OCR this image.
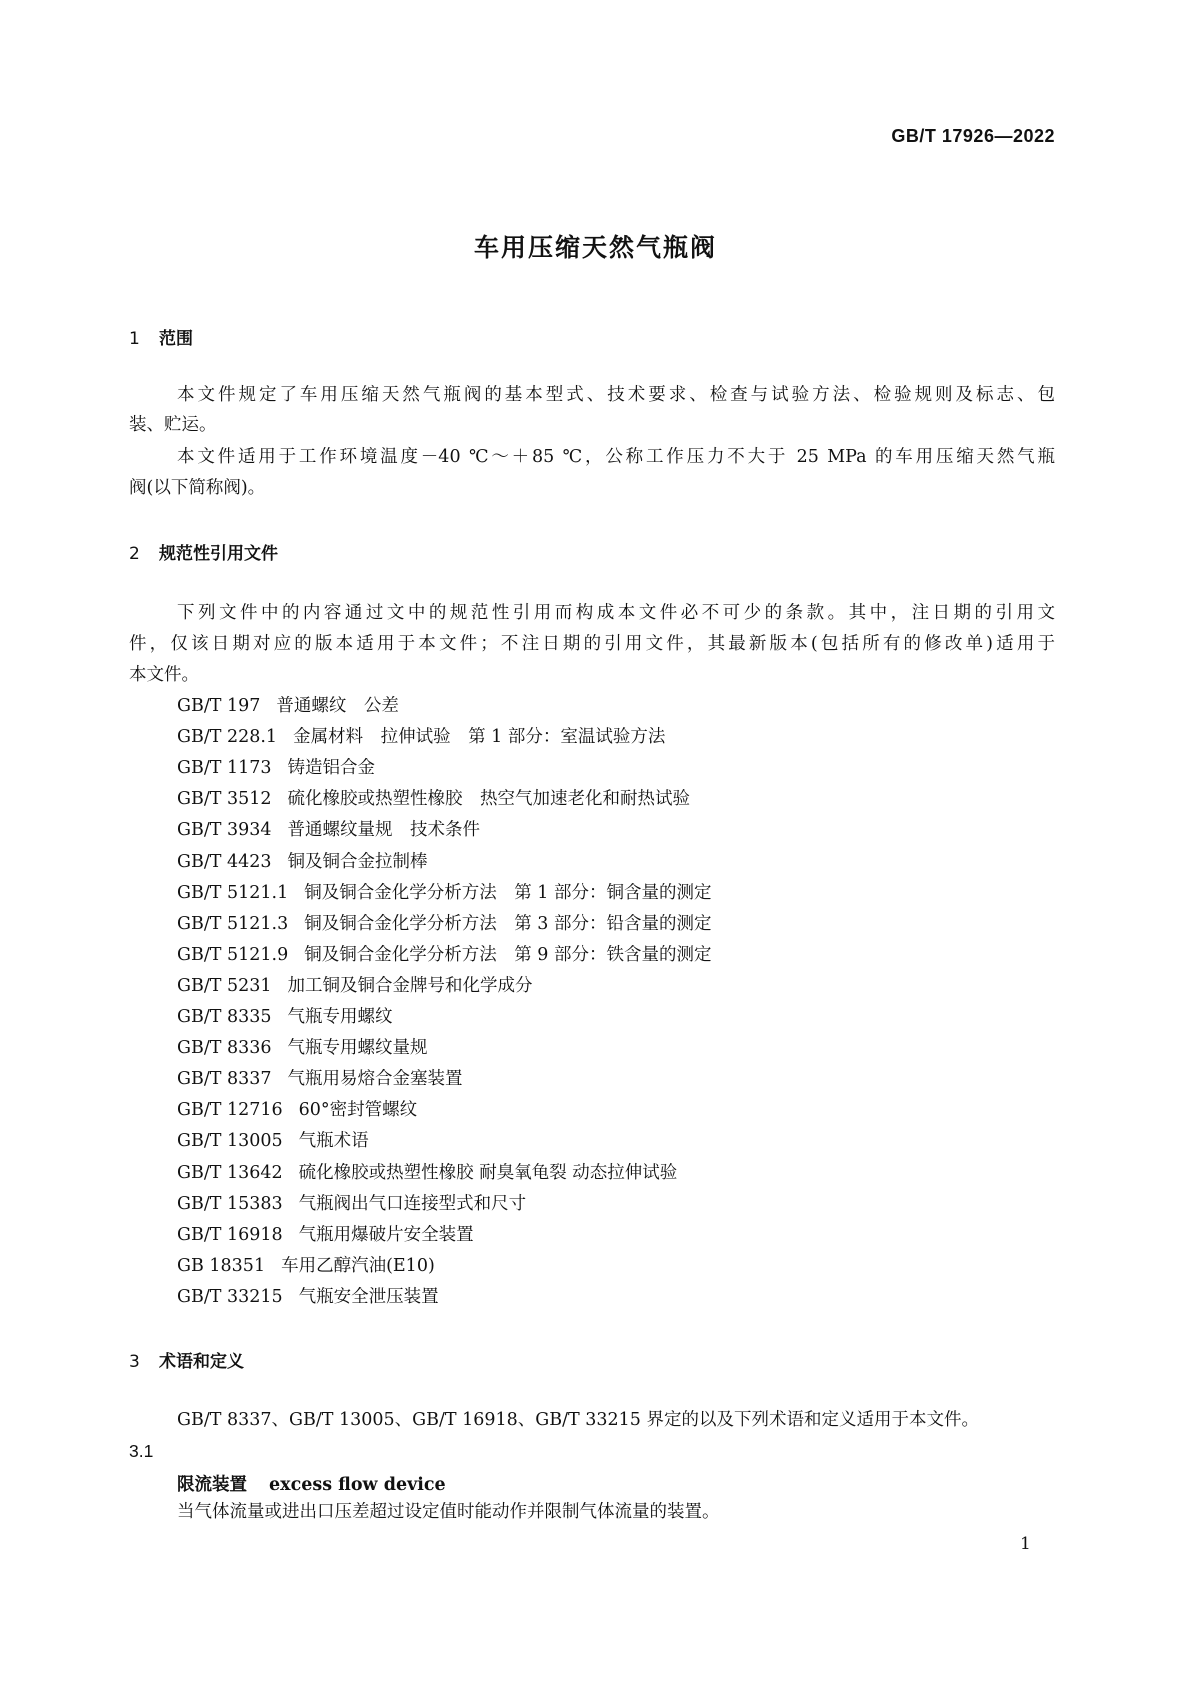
GB/T 17926—2022
车用压缩天然气瓶阀
1 范围
本文件规定了车用压缩天然气瓶阀的基本型式、技术要求、检查与试验方法、检验规则及标志、包
装、贮运。
本文件适用于工作环境温度－40 ℃～＋85 ℃，公称工作压力不大于 25 MPa 的车用压缩天然气瓶
阀(以下简称阀)。
2 规范性引用文件
下列文件中的内容通过文中的规范性引用而构成本文件必不可少的条款。其中，注日期的引用文
件，仅该日期对应的版本适用于本文件；不注日期的引用文件，其最新版本(包括所有的修改单)适用于
本文件。
GB/T 197 普通螺纹　公差
GB/T 228.1 金属材料　拉伸试验　第 1 部分：室温试验方法
GB/T 1173 铸造铝合金
GB/T 3512 硫化橡胶或热塑性橡胶　热空气加速老化和耐热试验
GB/T 3934 普通螺纹量规　技术条件
GB/T 4423 铜及铜合金拉制棒
GB/T 5121.1 铜及铜合金化学分析方法　第 1 部分：铜含量的测定
GB/T 5121.3 铜及铜合金化学分析方法　第 3 部分：铅含量的测定
GB/T 5121.9 铜及铜合金化学分析方法　第 9 部分：铁含量的测定
GB/T 5231 加工铜及铜合金牌号和化学成分
GB/T 8335 气瓶专用螺纹
GB/T 8336 气瓶专用螺纹量规
GB/T 8337 气瓶用易熔合金塞装置
GB/T 12716 60°密封管螺纹
GB/T 13005 气瓶术语
GB/T 13642 硫化橡胶或热塑性橡胶 耐臭氧龟裂 动态拉伸试验
GB/T 15383 气瓶阀出气口连接型式和尺寸
GB/T 16918 气瓶用爆破片安全装置
GB 18351 车用乙醇汽油(E10)
GB/T 33215 气瓶安全泄压装置
3 术语和定义
GB/T 8337、GB/T 13005、GB/T 16918、GB/T 33215 界定的以及下列术语和定义适用于本文件。
3.1
限流装置 excess flow device
当气体流量或进出口压差超过设定值时能动作并限制气体流量的装置。
1
